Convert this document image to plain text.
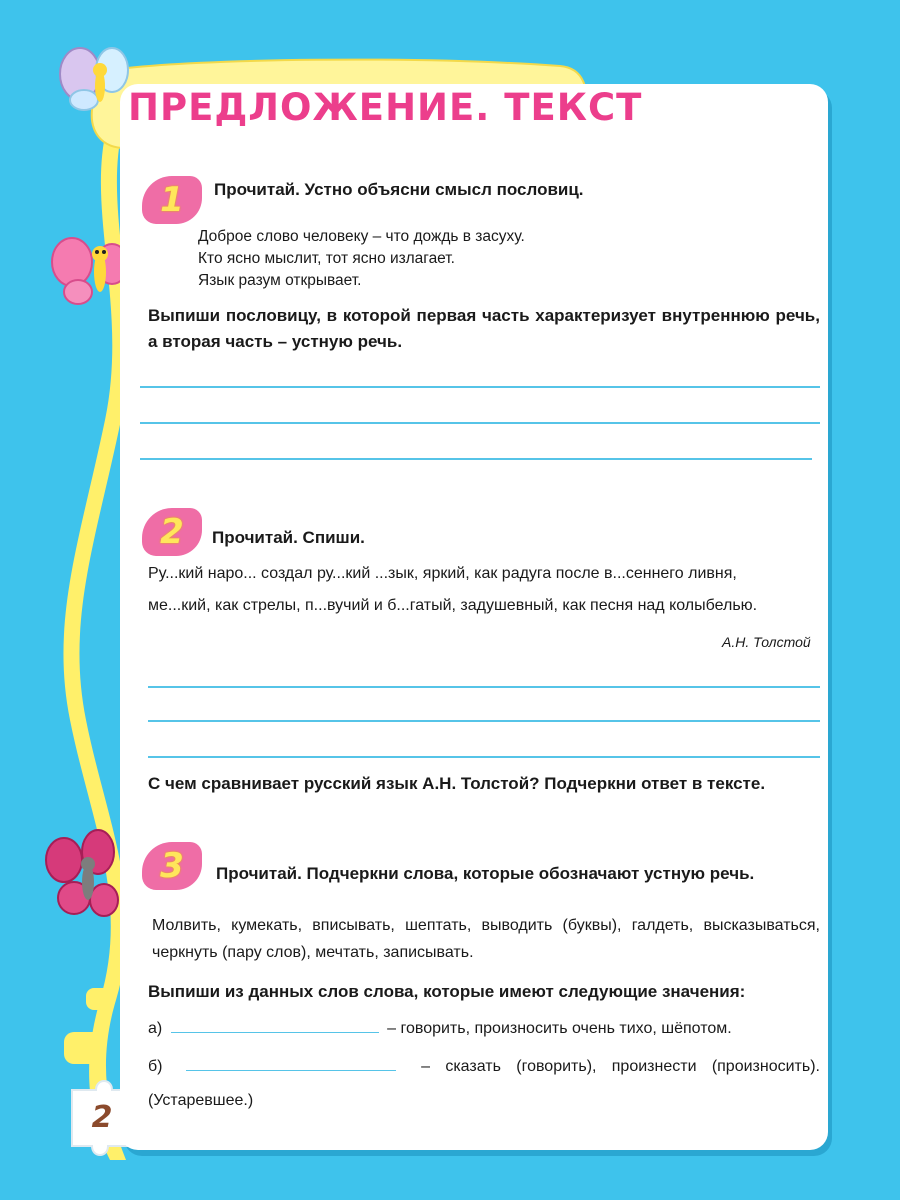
ПРЕДЛОЖЕНИЕ. ТЕКСТ
1 Прочитай. Устно объясни смысл пословиц.
Доброе слово человеку – что дождь в засуху.
Кто ясно мыслит, тот ясно излагает.
Язык разум открывает.
Выпиши пословицу, в которой первая часть характеризует внутреннюю речь, а вторая часть – устную речь.
2 Прочитай. Спиши.
Ру...кий наро... создал ру...кий ...зык, яркий, как радуга после в...сеннего ливня,
ме...кий, как стрелы, п...вучий и б...гатый, задушевный, как песня над колыбелью.
А.Н. Толстой
С чем сравнивает русский язык А.Н. Толстой? Подчеркни ответ в тексте.
3 Прочитай. Подчеркни слова, которые обозначают устную речь.
Молвить, кумекать, вписывать, шептать, выводить (буквы), галдеть, высказываться, черкнуть (пару слов), мечтать, записывать.
Выпиши из данных слов слова, которые имеют следующие значения:
а)	– говорить, произносить очень тихо, шёпотом.
б)	– сказать (говорить), произнести (произносить). (Устаревшее.)
2
